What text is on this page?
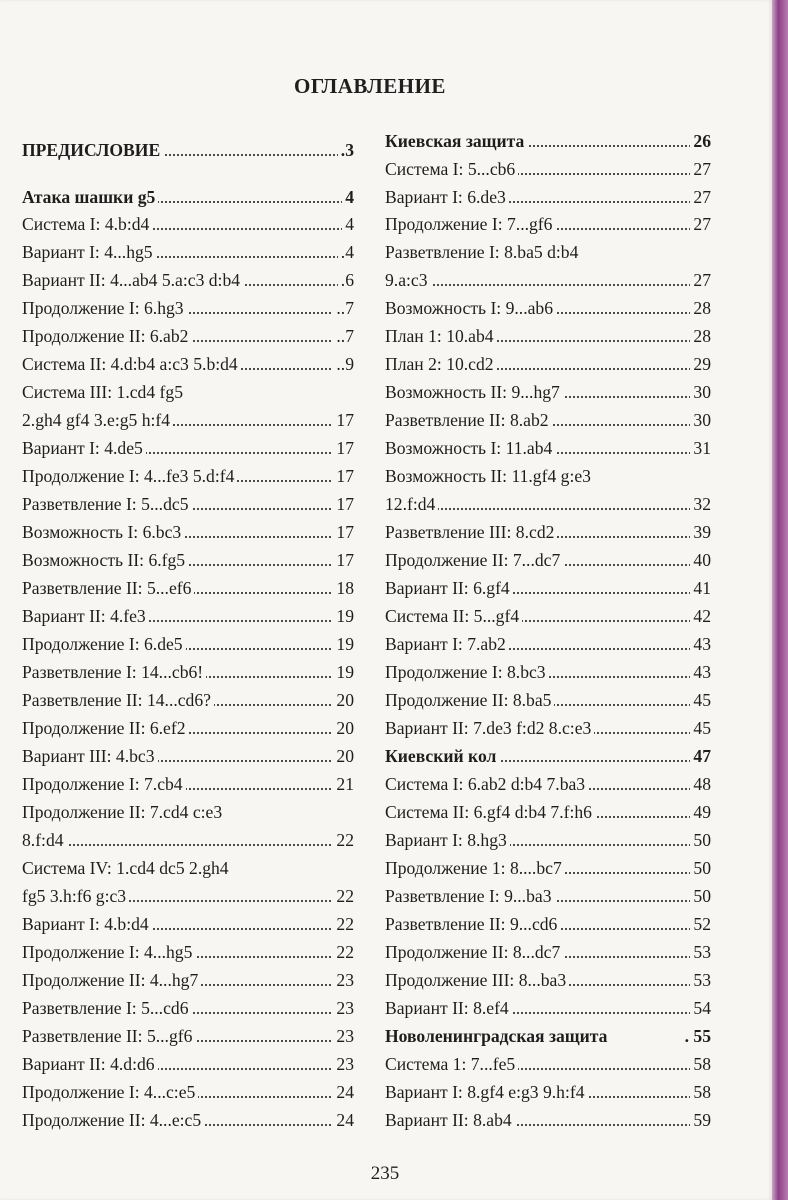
ОГЛАВЛЕНИЕ
ПРЕДИСЛОВИЕ	.3
Атака шашки g5	4
Система I: 4.b:d4	4
Вариант I: 4...hg5	.4
Вариант II: 4...ab4 5.a:c3 d:b4	.6
Продолжение I: 6.hg3	..7
Продолжение II: 6.ab2	..7
Система II: 4.d:b4 a:c3 5.b:d4	..9
Система III: 1.cd4 fg5
2.gh4 gf4 3.e:g5 h:f4	17
Вариант I: 4.de5	17
Продолжение I: 4...fe3 5.d:f4	17
Разветвление I: 5...dc5	17
Возможность I: 6.bc3	17
Возможность II: 6.fg5	17
Разветвление II: 5...ef6	18
Вариант II: 4.fe3	19
Продолжение I: 6.de5	19
Разветвление I: 14...cb6!	19
Разветвление II: 14...cd6?	20
Продолжение II: 6.ef2	20
Вариант III: 4.bc3	20
Продолжение I: 7.cb4	21
Продолжение II: 7.cd4 c:e3
8.f:d4	22
Система IV: 1.cd4 dc5 2.gh4
fg5 3.h:f6 g:c3	22
Вариант I: 4.b:d4	22
Продолжение I: 4...hg5	22
Продолжение II: 4...hg7	23
Разветвление I: 5...cd6	23
Разветвление II: 5...gf6	23
Вариант II: 4.d:d6	23
Продолжение I: 4...c:e5	24
Продолжение II: 4...e:c5	24
Киевская защита	26
Система I: 5...cb6	27
Вариант I: 6.de3	27
Продолжение I: 7...gf6	27
Разветвление I: 8.ba5 d:b4
9.a:c3	27
Возможность I: 9...ab6	28
План 1: 10.ab4	28
План 2: 10.cd2	29
Возможность II: 9...hg7	30
Разветвление II: 8.ab2	30
Возможность I: 11.ab4	31
Возможность II: 11.gf4 g:e3
12.f:d4	32
Разветвление III: 8.cd2	39
Продолжение II: 7...dc7	40
Вариант II: 6.gf4	41
Система II: 5...gf4	42
Вариант I: 7.ab2	43
Продолжение I: 8.bc3	43
Продолжение II: 8.ba5	45
Вариант II: 7.de3 f:d2 8.c:e3	45
Киевский кол	47
Система I: 6.ab2 d:b4 7.ba3	48
Система II: 6.gf4 d:b4 7.f:h6	49
Вариант I: 8.hg3	50
Продолжение 1: 8....bc7	50
Разветвление I: 9...ba3	50
Разветвление II: 9...cd6	52
Продолжение II: 8...dc7	53
Продолжение III: 8...ba3	53
Вариант II: 8.ef4	54
Новоленинградская защита	. 55
Система 1: 7...fe5	58
Вариант I: 8.gf4 e:g3 9.h:f4	58
Вариант II: 8.ab4	59
235
